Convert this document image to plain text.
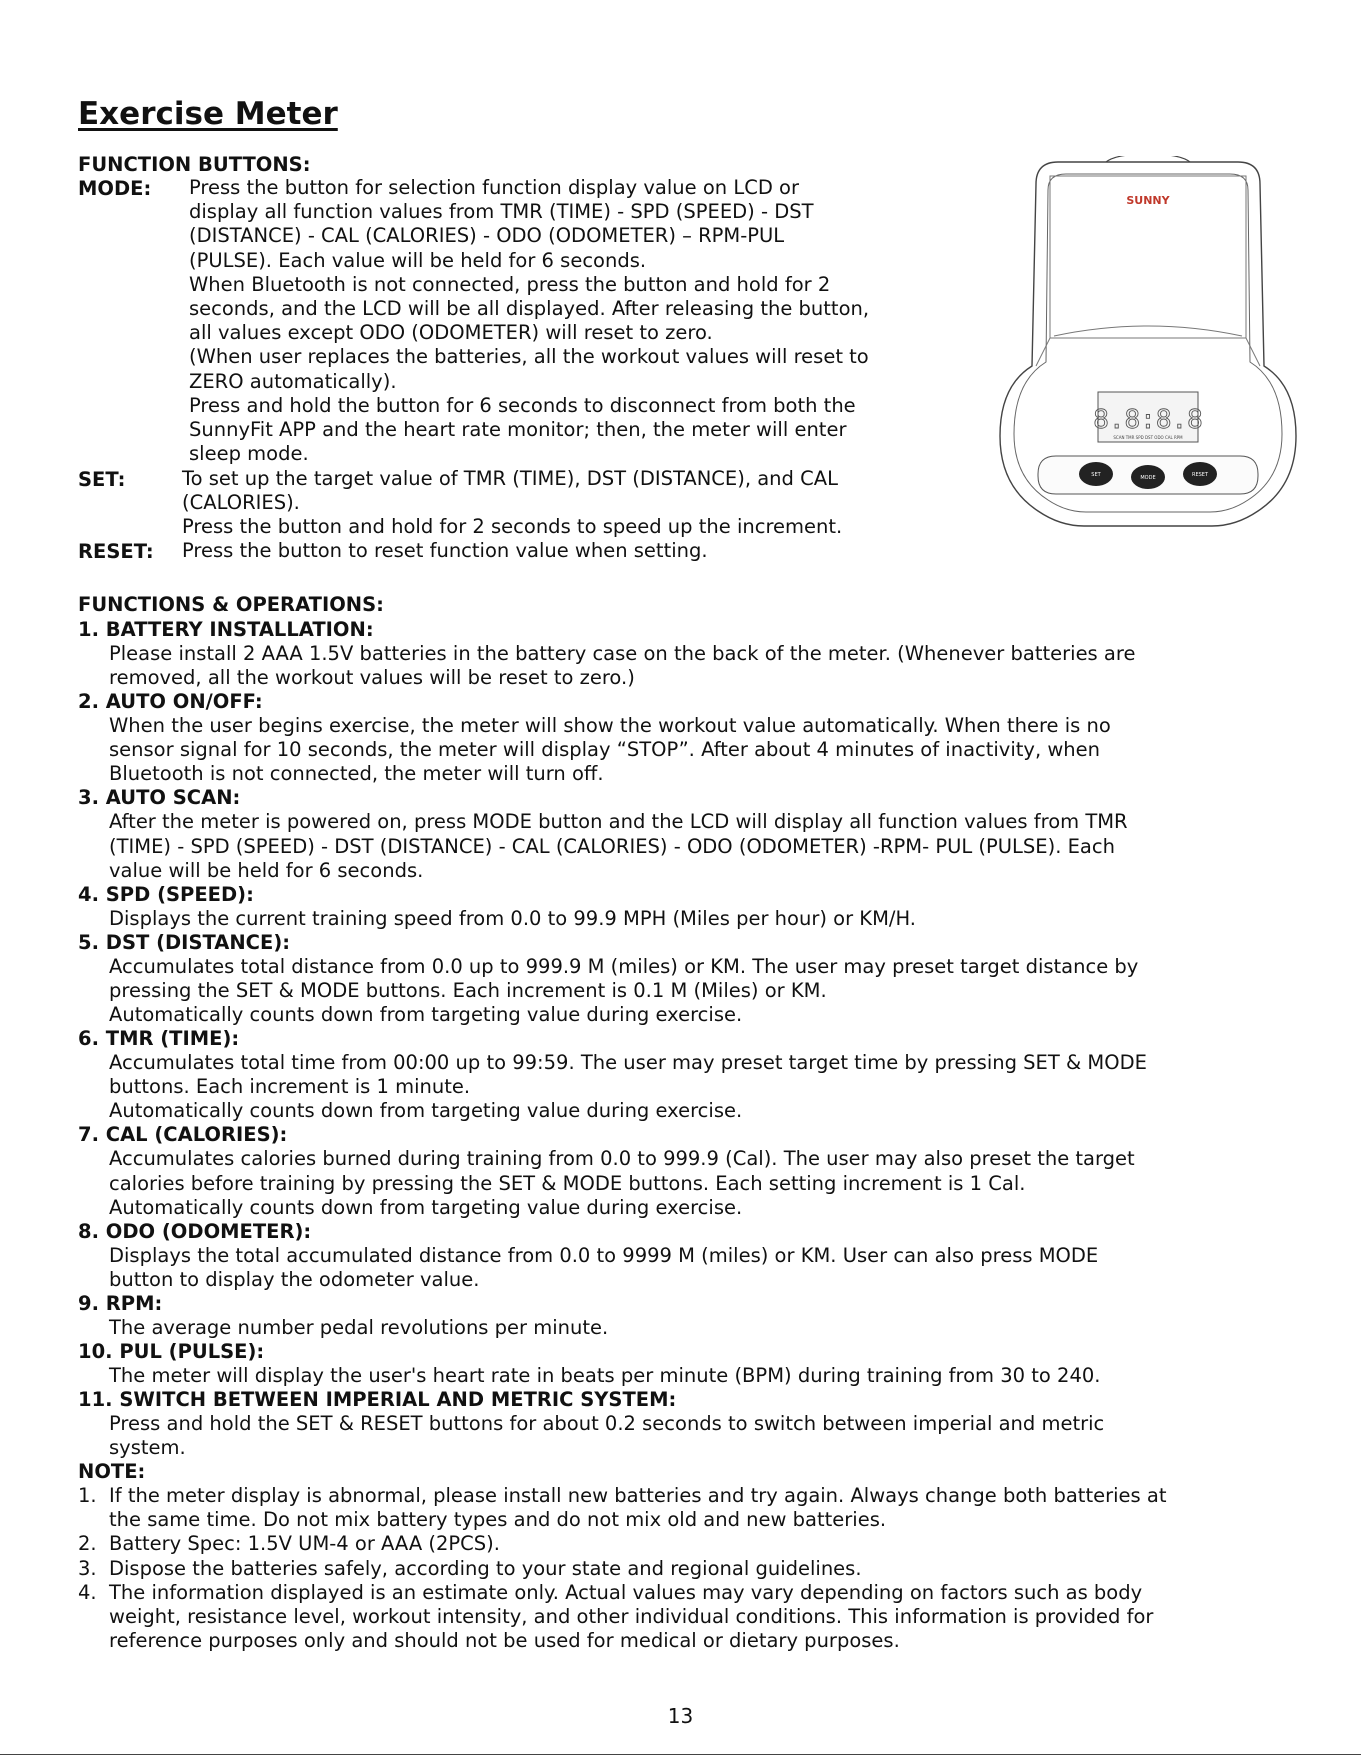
Exercise Meter
FUNCTION BUTTONS:
MODE: Press the button for selection function display value on LCD or
display all function values from TMR (TIME) - SPD (SPEED) - DST
(DISTANCE) - CAL (CALORIES) - ODO (ODOMETER) – RPM-PUL
(PULSE). Each value will be held for 6 seconds.
When Bluetooth is not connected, press the button and hold for 2
seconds, and the LCD will be all displayed. After releasing the button,
all values except ODO (ODOMETER) will reset to zero.
(When user replaces the batteries, all the workout values will reset to
ZERO automatically).
Press and hold the button for 6 seconds to disconnect from both the
SunnyFit APP and the heart rate monitor; then, the meter will enter
sleep mode.
SET:	To set up the target value of TMR (TIME), DST (DISTANCE), and CAL
(CALORIES).
Press the button and hold for 2 seconds to speed up the increment.
RESET: Press the button to reset function value when setting.
SUNNY
8.8:8.8
SCAN TMR SPD DST ODO CAL RPM
SET	MODE	RESET
FUNCTIONS & OPERATIONS:
1. BATTERY INSTALLATION:
Please install 2 AAA 1.5V batteries in the battery case on the back of the meter. (Whenever batteries are
removed, all the workout values will be reset to zero.)
2. AUTO ON/OFF:
When the user begins exercise, the meter will show the workout value automatically. When there is no
sensor signal for 10 seconds, the meter will display “STOP”. After about 4 minutes of inactivity, when
Bluetooth is not connected, the meter will turn off.
3. AUTO SCAN:
After the meter is powered on, press MODE button and the LCD will display all function values from TMR
(TIME) - SPD (SPEED) - DST (DISTANCE) - CAL (CALORIES) - ODO (ODOMETER) -RPM- PUL (PULSE). Each
value will be held for 6 seconds.
4. SPD (SPEED):
Displays the current training speed from 0.0 to 99.9 MPH (Miles per hour) or KM/H.
5. DST (DISTANCE):
Accumulates total distance from 0.0 up to 999.9 M (miles) or KM. The user may preset target distance by
pressing the SET & MODE buttons. Each increment is 0.1 M (Miles) or KM.
Automatically counts down from targeting value during exercise.
6. TMR (TIME):
Accumulates total time from 00:00 up to 99:59. The user may preset target time by pressing SET & MODE
buttons. Each increment is 1 minute.
Automatically counts down from targeting value during exercise.
7. CAL (CALORIES):
Accumulates calories burned during training from 0.0 to 999.9 (Cal). The user may also preset the target
calories before training by pressing the SET & MODE buttons. Each setting increment is 1 Cal.
Automatically counts down from targeting value during exercise.
8. ODO (ODOMETER):
Displays the total accumulated distance from 0.0 to 9999 M (miles) or KM. User can also press MODE
button to display the odometer value.
9. RPM:
The average number pedal revolutions per minute.
10. PUL (PULSE):
The meter will display the user's heart rate in beats per minute (BPM) during training from 30 to 240.
11. SWITCH BETWEEN IMPERIAL AND METRIC SYSTEM:
Press and hold the SET & RESET buttons for about 0.2 seconds to switch between imperial and metric
system.
NOTE:
1.  If the meter display is abnormal, please install new batteries and try again. Always change both batteries at
the same time. Do not mix battery types and do not mix old and new batteries.
2.  Battery Spec: 1.5V UM-4 or AAA (2PCS).
3.  Dispose the batteries safely, according to your state and regional guidelines.
4.  The information displayed is an estimate only. Actual values may vary depending on factors such as body
weight, resistance level, workout intensity, and other individual conditions. This information is provided for
reference purposes only and should not be used for medical or dietary purposes.
13
